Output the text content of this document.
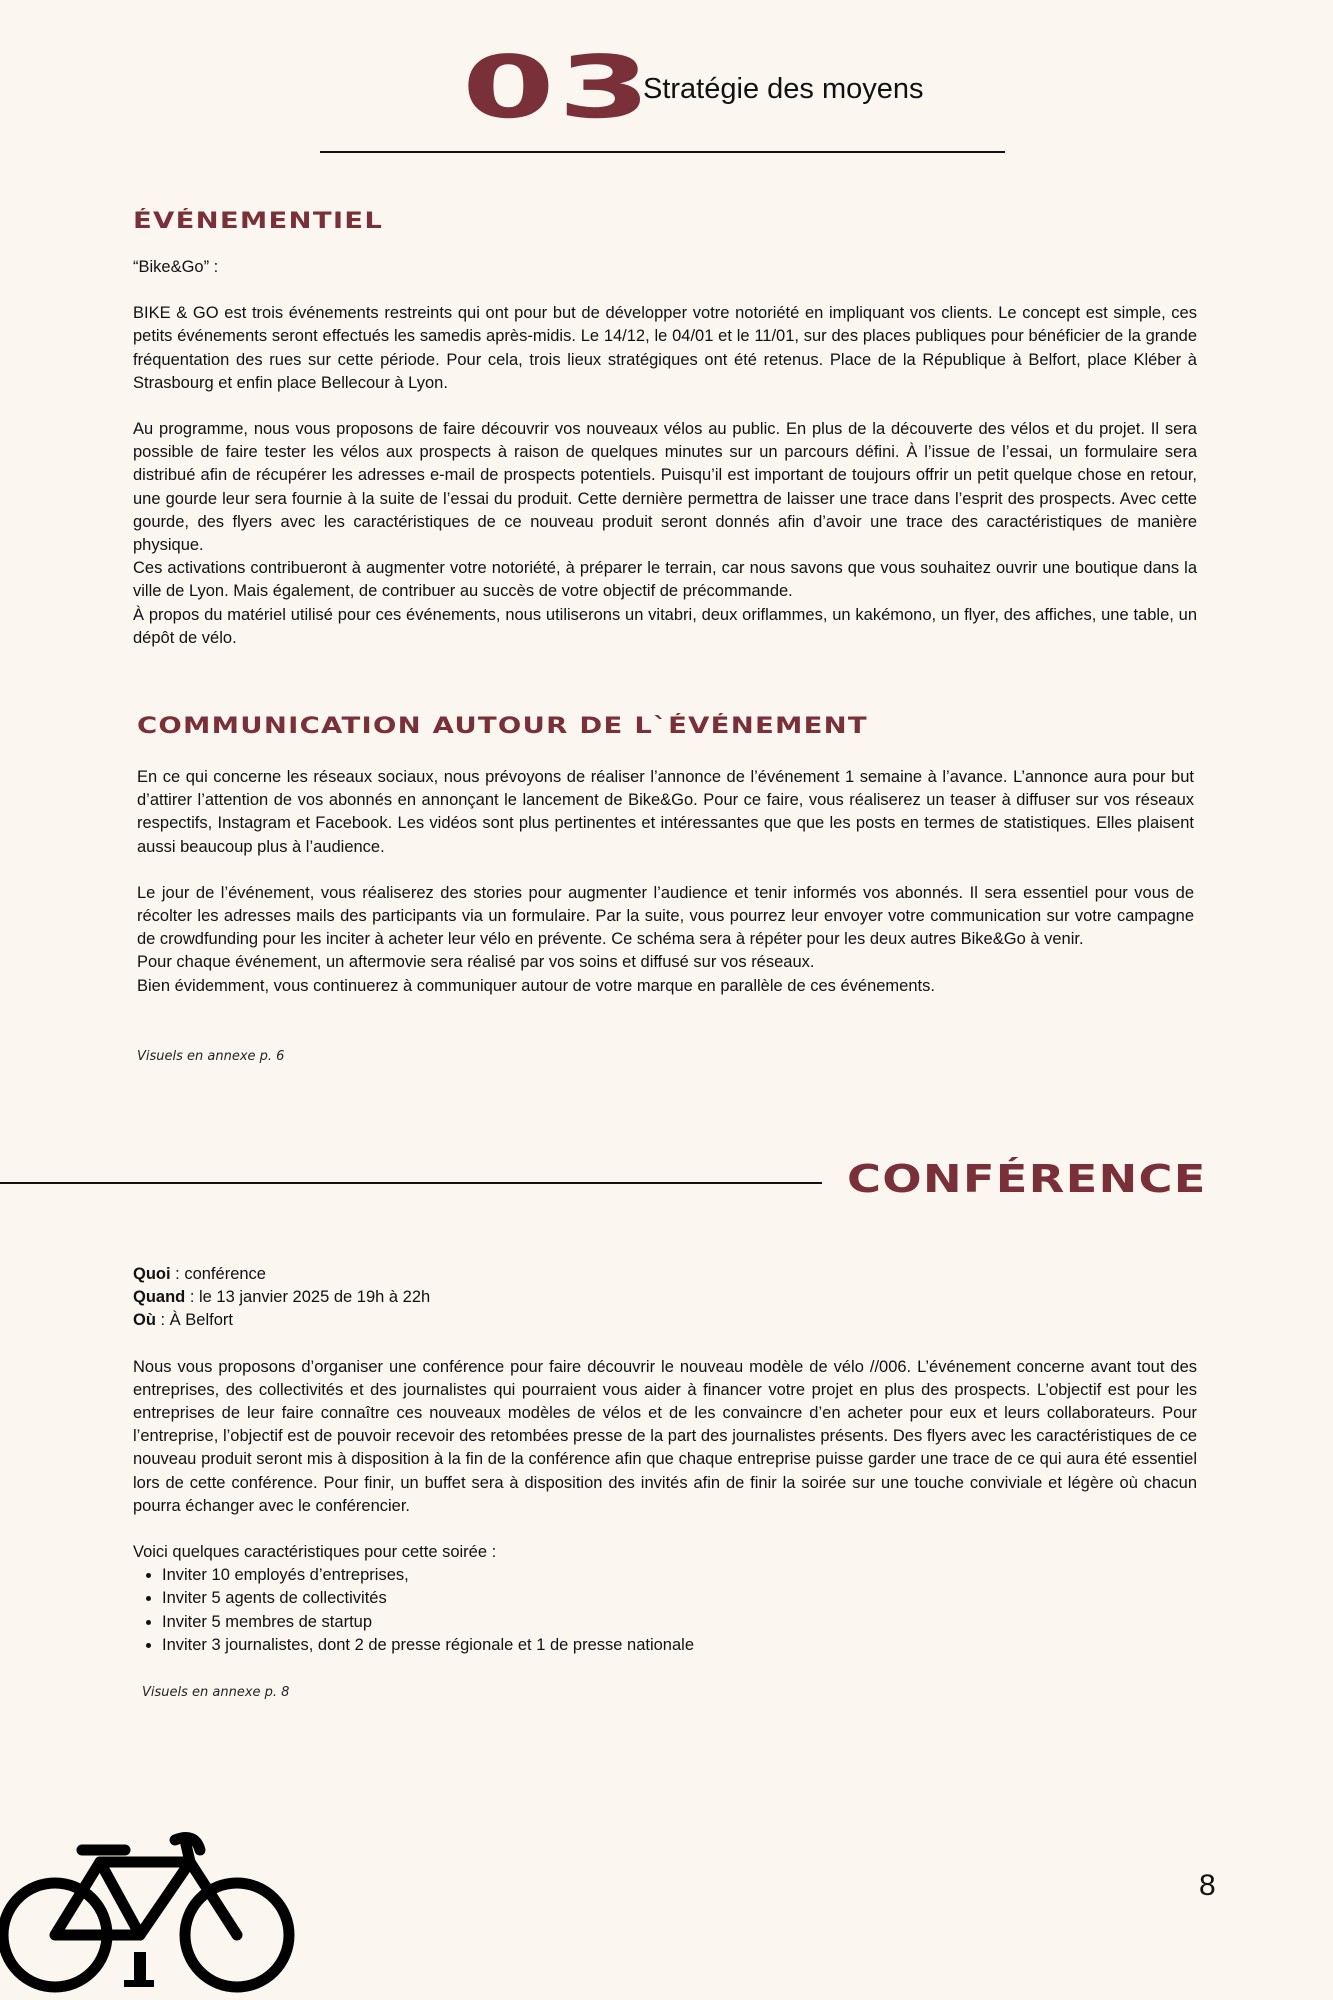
03
Stratégie des moyens
ÉVÉNEMENTIEL

“Bike&Go” :

BIKE & GO est trois événements restreints qui ont pour but de développer votre notoriété en impliquant vos clients. Le concept est simple, ces petits événements seront effectués les samedis après-midis. Le 14/12, le 04/01 et le 11/01, sur des places publiques pour bénéficier de la grande fréquentation des rues sur cette période. Pour cela, trois lieux stratégiques ont été retenus. Place de la République à Belfort, place Kléber à Strasbourg et enfin place Bellecour à Lyon.

Au programme, nous vous proposons de faire découvrir vos nouveaux vélos au public. En plus de la découverte des vélos et du projet. Il sera possible de faire tester les vélos aux prospects à raison de quelques minutes sur un parcours défini. À l’issue de l’essai, un formulaire sera distribué afin de récupérer les adresses e-mail de prospects potentiels. Puisqu’il est important de toujours offrir un petit quelque chose en retour, une gourde leur sera fournie à la suite de l’essai du produit. Cette dernière permettra de laisser une trace dans l’esprit des prospects. Avec cette gourde, des flyers avec les caractéristiques de ce nouveau produit seront donnés afin d’avoir une trace des caractéristiques de manière physique.

Ces activations contribueront à augmenter votre notoriété, à préparer le terrain, car nous savons que vous souhaitez ouvrir une boutique dans la ville de Lyon. Mais également, de contribuer au succès de votre objectif de précommande.

À propos du matériel utilisé pour ces événements, nous utiliserons un vitabri, deux oriflammes, un kakémono, un flyer, des affiches, une table, un dépôt de vélo.

COMMUNICATION AUTOUR DE L`ÉVÉNEMENT

En ce qui concerne les réseaux sociaux, nous prévoyons de réaliser l’annonce de l’événement 1 semaine à l’avance. L’annonce aura pour but d’attirer l’attention de vos abonnés en annonçant le lancement de Bike&Go. Pour ce faire, vous réaliserez un teaser à diffuser sur vos réseaux respectifs, Instagram et Facebook. Les vidéos sont plus pertinentes et intéressantes que que les posts en termes de statistiques. Elles plaisent aussi beaucoup plus à l’audience.

Le jour de l’événement, vous réaliserez des stories pour augmenter l’audience et tenir informés vos abonnés. Il sera essentiel pour vous de récolter les adresses mails des participants via un formulaire. Par la suite, vous pourrez leur envoyer votre communication sur votre campagne de crowdfunding pour les inciter à acheter leur vélo en prévente. Ce schéma sera à répéter pour les deux autres Bike&Go à venir.

Pour chaque événement, un aftermovie sera réalisé par vos soins et diffusé sur vos réseaux.

Bien évidemment, vous continuerez à communiquer autour de votre marque en parallèle de ces événements.

Visuels en annexe p. 6
CONFÉRENCE
Quoi : conférence
Quand : le 13 janvier 2025 de 19h à 22h
Où : À Belfort

Nous vous proposons d’organiser une conférence pour faire découvrir le nouveau modèle de vélo //006. L’événement concerne avant tout des entreprises, des collectivités et des journalistes qui pourraient vous aider à financer votre projet en plus des prospects. L’objectif est pour les entreprises de leur faire connaître ces nouveaux modèles de vélos et de les convaincre d’en acheter pour eux et leurs collaborateurs. Pour l’entreprise, l’objectif est de pouvoir recevoir des retombées presse de la part des journalistes présents. Des flyers avec les caractéristiques de ce nouveau produit seront mis à disposition à la fin de la conférence afin que chaque entreprise puisse garder une trace de ce qui aura été essentiel lors de cette conférence. Pour finir, un buffet sera à disposition des invités afin de finir la soirée sur une touche conviviale et légère où chacun pourra échanger avec le conférencier.

Voici quelques caractéristiques pour cette soirée :

• Inviter 10 employés d’entreprises,
• Inviter 5 agents de collectivités
• Inviter 5 membres de startup
• Inviter 3 journalistes, dont 2 de presse régionale et 1 de presse nationale
Visuels en annexe p. 8
8
